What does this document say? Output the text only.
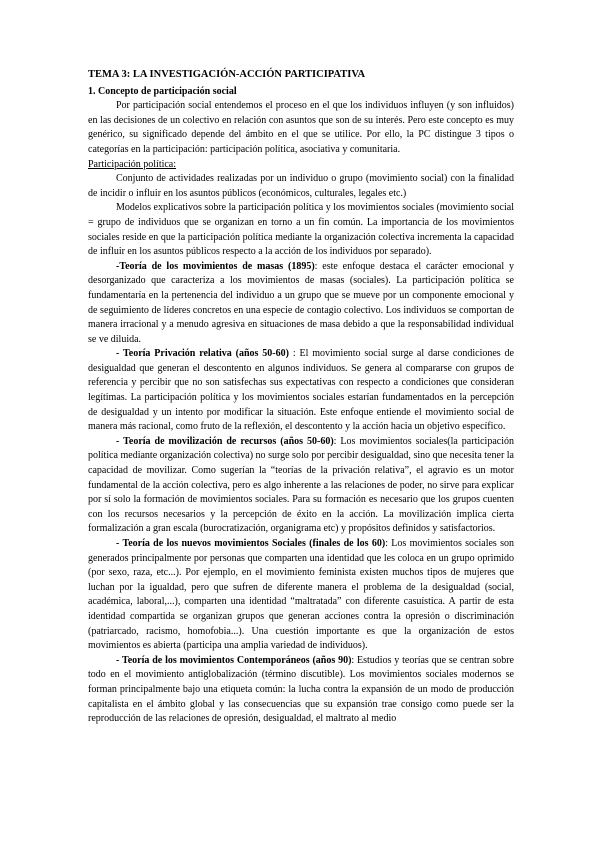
TEMA 3: LA INVESTIGACIÓN-ACCIÓN PARTICIPATIVA

1. Concepto de participación social

Por participación social entendemos el proceso en el que los individuos influyen (y son influidos) en las decisiones de un colectivo en relación con asuntos que son de su interés. Pero este concepto es muy genérico, su significado depende del ámbito en el que se utilice. Por ello, la PC distingue 3 tipos o categorías en la participación: participación política, asociativa y comunitaria.

Participación política:

Conjunto de actividades realizadas por un individuo o grupo (movimiento social) con la finalidad de incidir o influir en los asuntos públicos (económicos, culturales, legales etc.)

Modelos explicativos sobre la participación política y los movimientos sociales (movimiento social = grupo de individuos que se organizan en torno a un fin común. La importancia de los movimientos sociales reside en que la participación política mediante la organización colectiva incrementa la capacidad de influir en los asuntos públicos respecto a la acción de los individuos por separado).

-Teoría de los movimientos de masas (1895): este enfoque destaca el carácter emocional y desorganizado que caracteriza a los movimientos de masas (sociales). La participación política se fundamentaría en la pertenencia del individuo a un grupo que se mueve por un componente emocional y de seguimiento de líderes concretos en una especie de contagio colectivo. Los individuos se comportan de manera irracional y a menudo agresiva en situaciones de masa debido a que la responsabilidad individual se ve diluida.

- Teoría Privación relativa (años 50-60) : El movimiento social surge al darse condiciones de desigualdad que generan el descontento en algunos individuos. Se genera al compararse con grupos de referencia y percibir que no son satisfechas sus expectativas con respecto a condiciones que consideran legítimas. La participación política y los movimientos sociales estarían fundamentados en la percepción de desigualdad y un intento por modificar la situación. Este enfoque entiende el movimiento social de manera más racional, como fruto de la reflexión, el descontento y la acción hacia un objetivo específico.

- Teoría de movilización de recursos (años 50-60): Los movimientos sociales(la participación política mediante organización colectiva) no surge solo por percibir desigualdad, sino que necesita tener la capacidad de movilizar. Como sugerían la “teorías de la privación relativa”, el agravio es un motor fundamental de la acción colectiva, pero es algo inherente a las relaciones de poder, no sirve para explicar por sí solo la formación de movimientos sociales. Para su formación es necesario que los grupos cuenten con los recursos necesarios y la percepción de éxito en la acción. La movilización implica cierta formalización a gran escala (burocratización, organigrama etc) y propósitos definidos y satisfactorios.

- Teoría de los nuevos movimientos Sociales (finales de los 60): Los movimientos sociales son generados principalmente por personas que comparten una identidad que les coloca en un grupo oprimido (por sexo, raza, etc...). Por ejemplo, en el movimiento feminista existen muchos tipos de mujeres que luchan por la igualdad, pero que sufren de diferente manera el problema de la desigualdad (social, académica, laboral,...), comparten una identidad “maltratada” con diferente casuística. A partir de esta identidad compartida se organizan grupos que generan acciones contra la opresión o discriminación (patriarcado, racismo, homofobia...). Una cuestión importante es que la organización de estos movimientos es abierta (participa una amplia variedad de individuos).

- Teoría de los movimientos Contemporáneos (años 90): Estudios y teorías que se centran sobre todo en el movimiento antiglobalización (término discutible). Los movimientos sociales modernos se forman principalmente bajo una etiqueta común: la lucha contra la expansión de un modo de producción capitalista en el ámbito global y las consecuencias que su expansión trae consigo como puede ser la reproducción de las relaciones de opresión, desigualdad, el maltrato al medio
